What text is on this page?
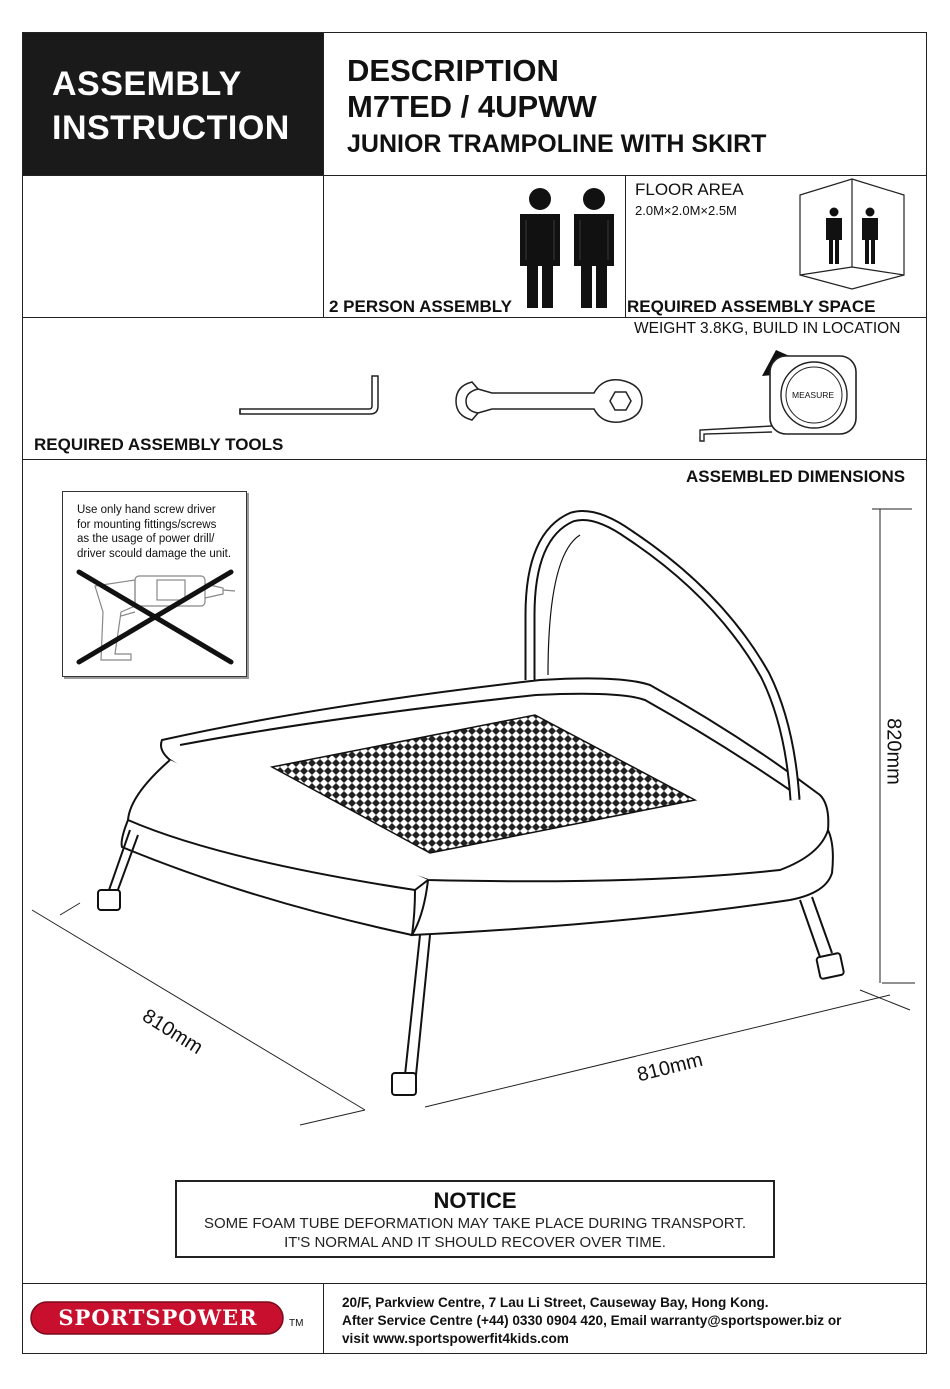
ASSEMBLY
INSTRUCTION
DESCRIPTION
M7TED / 4UPWW
JUNIOR TRAMPOLINE WITH SKIRT
2 PERSON ASSEMBLY
FLOOR AREA
2.0M×2.0M×2.5M
REQUIRED ASSEMBLY SPACE
WEIGHT 3.8KG, BUILD IN LOCATION
MEASURE
REQUIRED ASSEMBLY TOOLS
ASSEMBLED DIMENSIONS
Use only hand screw driver
for mounting fittings/screws
as the usage of power drill/
driver scould damage the unit.
820mm
810mm
810mm
NOTICE
SOME FOAM TUBE DEFORMATION MAY TAKE PLACE DURING TRANSPORT.
IT'S NORMAL AND IT SHOULD RECOVER OVER TIME.
SPORTSPOWER	TM
20/F, Parkview Centre, 7 Lau Li Street, Causeway Bay, Hong Kong.
After Service Centre (+44) 0330 0904 420, Email warranty@sportspower.biz or
visit www.sportspowerfit4kids.com
